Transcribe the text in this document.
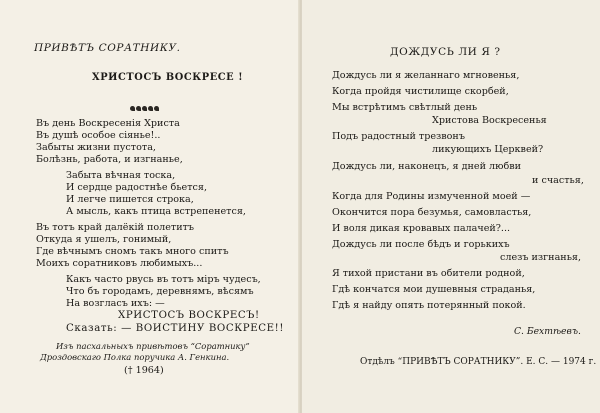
ПРИВѢТЪ СОРАТНИКУ.
ХРИСТОСЪ ВОСКРЕСЕ !
Въ день Воскресенія Христа
Въ душѣ особое сіянье!..
Забыты жизни пустота,
Болѣзнь, работа, и изгнанье,
Забыта вѣчная тоска,
И сердце радостнѣе бьется,
И легче пишется строка,
А мысль, какъ птица встрепенется,
Въ тотъ край далёкій полетитъ
Откуда я ушелъ, гонимый,
Где вѣчнымъ сномъ такъ много спитъ
Моихъ соратниковъ любимыхъ...
Какъ часто рвусь въ тотъ міръ чудесъ,
Что бъ городамъ, деревнямъ, вѣсямъ
На возгласъ ихъ: —
ХРИСТОСЪ ВОСКРЕСЪ!
Сказать: — ВОИСТИНУ ВОСКРЕСЕ!!
Изъ пасхальныхъ привѣтовъ “Соратнику”
Дроздовскаго Полка поручика А. Генкина.
(† 1964)
ДОЖДУСЬ ЛИ Я ?
Дождусь ли я желаннаго мгновенья,
Когда пройдя чистилище скорбей,
Мы встрѣтимъ свѣтлый день
Христова Воскресенья
Подъ радостный трезвонъ
ликующихъ Церквей?
Дождусь ли, наконецъ, я дней любви
и счастья,
Когда для Родины измученной моей —
Окончится пора безумья, самовластья,
И воля дикая кровавых палачей?...
Дождусь ли после бѣдъ и горькихъ
слезъ изгнанья,
Я тихой пристани въ обители родной,
Гдѣ кончатся мои душевныя страданья,
Гдѣ я найду опять потерянный покой.
С. Бехтѣевъ.
Отдѣлъ “ПРИВѢТЪ СОРАТНИКУ”. Е. С. — 1974 г.
